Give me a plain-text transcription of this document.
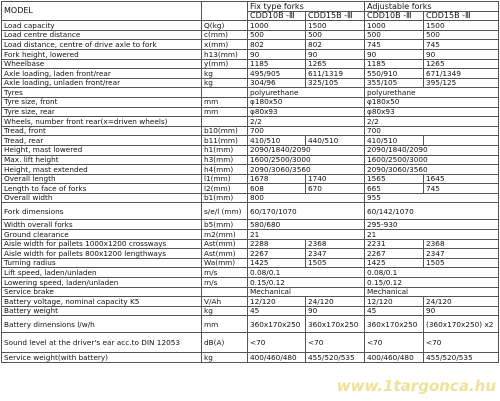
MODEL		Fix type forks		Adjustable forks	
		CDD10B -Ⅲ	CDD15B -Ⅲ	CDD10B -Ⅲ	CDD15B -Ⅲ
Load capacity	Q(kg)	1000	1500	1000	1500
Load centre distance	c(mm)	500	500	500	500
Load distance, centre of drive axle to fork	x(mm)	802	802	745	745
Fork height, lowered	h13(mm)	90	90	90	90
Wheelbase	y(mm)	1185	1265	1185	1265
Axle loading, laden front/rear	kg	495/905	611/1319	550/910	671/1349
Axle loading, unladen front/rear	kg	304/96	325/105	355/105	395/125
Tyres		polyurethane		polyurethane	
Tyre size, front	mm	φ180x50		φ180x50	
Tyre size, rear	mm	φ80x93		φ80x93	
Wheels, number front rear(x=driven wheels)		2/2		2/2	
Tread, front	b10(mm)	700		700	
Tread, rear	b11(mm)	410/510	440/510	410/510	
Height, mast lowered	h1(mm)	2090/1840/2090		2090/1840/2090	
Max. lift height	h3(mm)	1600/2500/3000		1600/2500/3000	
Height, mast extended	h4(mm)	2090/3060/3560		2090/3060/3560	
Overall length	l1(mm)	1678	1740	1565	1645
Length to face of forks	l2(mm)	608	670	665	745
Overall width	b1(mm)	800		955	
Fork dimensions	s/e/l (mm)	60/170/1070		60/142/1070	
Width overall forks	b5(mm)	580/680		295-930	
Ground clearance	m2(mm)	21		21	
Aisle width for pallets 1000x1200 crossways	Ast(mm)	2288	2368	2231	2368
Aisle width for pallets 800x1200 lengthways	Ast(mm)	2267	2347	2267	2347
Turning radius	Wa(mm)	1425	1505	1425	1505
Lift speed, laden/unladen	m/s	0.08/0.1		0.08/0.1	
Lowering speed, laden/unladen	m/s	0.15/0.12		0.15/0.12	
Service brake		Mechanical		Mechanical	
Battery voltage, nominal capacity K5	V/Ah	12/120	24/120	12/120	24/120
Battery weight	kg	45	90	45	90
Battery dimensions l/w/h	mm	360x170x250	360x170x250	360x170x250	(360x170x250) x2
Sound level at the driver's ear acc.to DIN 12053	dB(A)	<70	<70	<70	<70
Service weight(with battery)	kg	400/460/480	455/520/535	400/460/480	455/520/535
www.1targonca.hu
